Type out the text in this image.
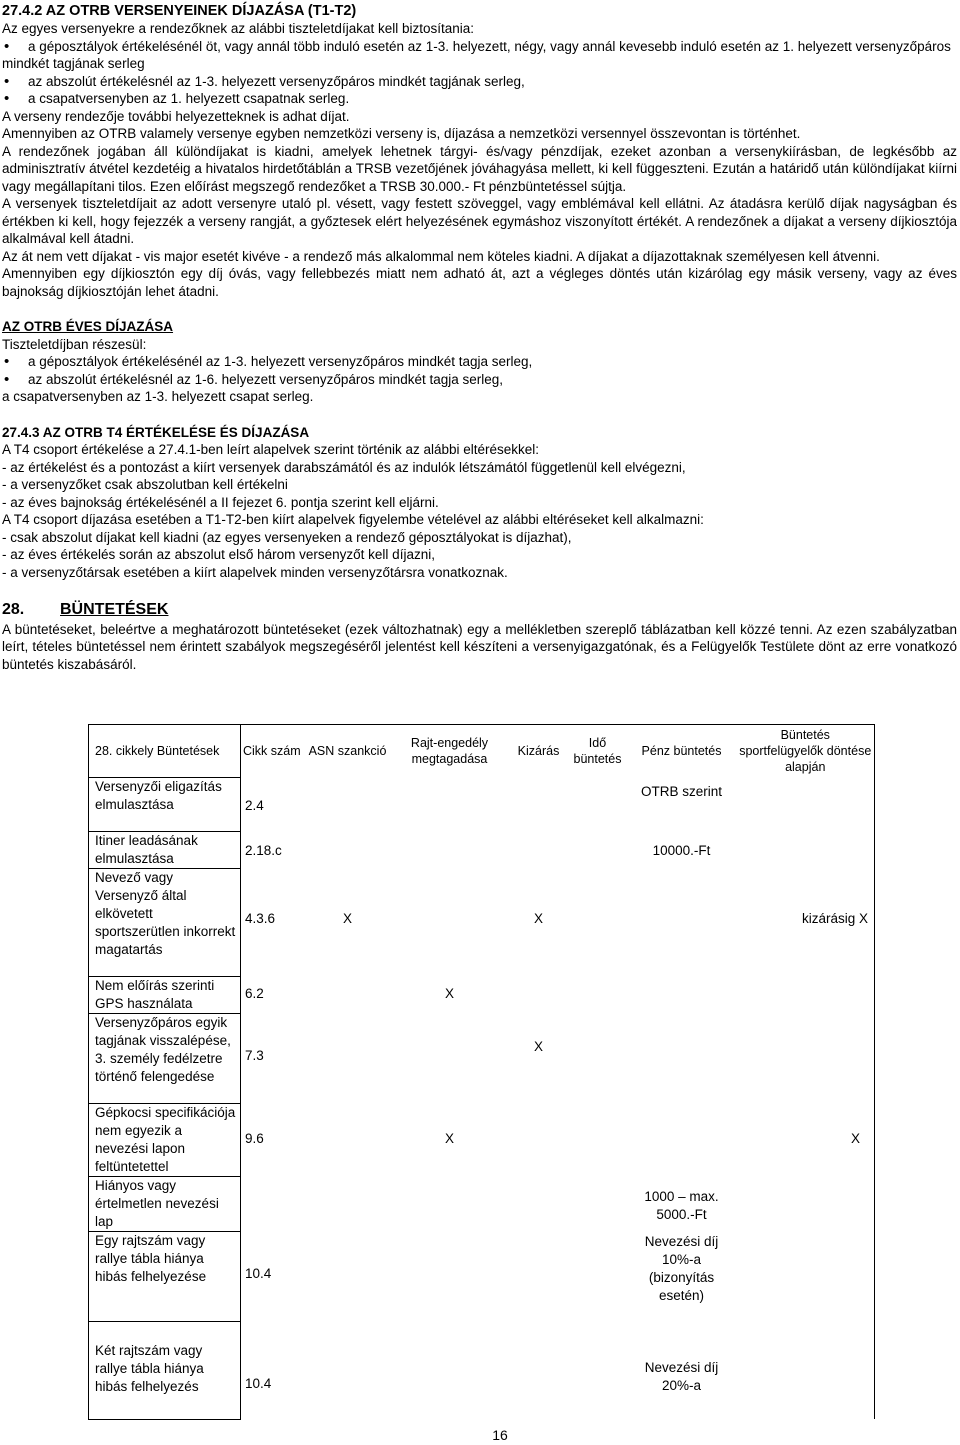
27.4.2 AZ OTRB VERSENYEINEK DÍJAZÁSA (T1-T2)

Az egyes versenyekre a rendezőknek az alábbi tiszteletdíjakat kell biztosítania:

• a géposztályok értékelésénél öt, vagy annál több induló esetén az 1-3. helyezett, négy, vagy annál kevesebb induló esetén az 1. helyezett versenyzőpáros mindkét tagjának serleg

• az abszolút értékelésnél az 1-3. helyezett versenyzőpáros mindkét tagjának serleg,

• a csapatversenyben az 1. helyezett csapatnak serleg.

A verseny rendezője további helyezetteknek is adhat díjat.

Amennyiben az OTRB valamely versenye egyben nemzetközi verseny is, díjazása a nemzetközi versennyel összevontan is történhet.

A rendezőnek jogában áll különdíjakat is kiadni, amelyek lehetnek tárgyi- és/vagy pénzdíjak, ezeket azonban a versenykiírásban, de legkésőbb az adminisztratív átvétel kezdetéig a hivatalos hirdetőtáblán a TRSB vezetőjének jóváhagyása mellett, ki kell függeszteni. Ezután a határidő után különdíjakat kiírni vagy megállapítani tilos. Ezen előírást megszegő rendezőket a TRSB 30.000.- Ft pénzbüntetéssel sújtja.

A versenyek tiszteletdíjait az adott versenyre utaló pl. vésett, vagy festett szöveggel, vagy emblémával kell ellátni. Az átadásra kerülő díjak nagyságban és értékben ki kell, hogy fejezzék a verseny rangját, a győztesek elért helyezésének egymáshoz viszonyított értékét. A rendezőnek a díjakat a verseny díjkiosztója alkalmával kell átadni.

Az át nem vett díjakat - vis major esetét kivéve - a rendező más alkalommal nem köteles kiadni. A díjakat a díjazottaknak személyesen kell átvenni.

Amennyiben egy díjkiosztón egy díj óvás, vagy fellebbezés miatt nem adható át, azt a végleges döntés után kizárólag egy másik verseny, vagy az éves bajnokság díjkiosztóján lehet átadni.

AZ OTRB ÉVES DÍJAZÁSA

Tiszteletdíjban részesül:

• a géposztályok értékelésénél az 1-3. helyezett versenyzőpáros mindkét tagja serleg,

• az abszolút értékelésnél az 1-6. helyezett versenyzőpáros mindkét tagja serleg,

a csapatversenyben az 1-3. helyezett csapat serleg.

27.4.3 AZ OTRB T4 ÉRTÉKELÉSE ÉS DÍJAZÁSA

A T4 csoport értékelése a 27.4.1-ben leírt alapelvek szerint történik az alábbi eltérésekkel:

- az értékelést és a pontozást a kiírt versenyek darabszámától és az indulók létszámától függetlenül kell elvégezni,

- a versenyzőket csak abszolutban kell értékelni

- az éves bajnokság értékelésénél a II fejezet 6. pontja szerint kell eljárni.

A T4 csoport díjazása esetében a T1-T2-ben kiírt alapelvek figyelembe vételével az alábbi eltéréseket kell alkalmazni:

- csak abszolut díjakat kell kiadni (az egyes versenyeken a rendező géposztályokat is díjazhat),

- az éves értékelés során az abszolut első három versenyzőt kell díjazni,

- a versenyzőtársak esetében a kiírt alapelvek minden versenyzőtársra vonatkoznak.

28. BÜNTETÉSEK

A büntetéseket, beleértve a meghatározott büntetéseket (ezek változhatnak) egy a mellékletben szereplő táblázatban kell közzé tenni. Az ezen szabályzatban leírt, tételes büntetéssel nem érintett szabályok megszegéséről jelentést kell készíteni a versenyigazgatónak, és a Felügyelők Testülete dönt az erre vonatkozó büntetés kiszabásáról.

28. cikkely Büntetések	Cikk szám	ASN szankció	Rajt-engedély megtagadása	Kizárás	Idő büntetés	Pénz büntetés	Büntetés sportfelügyelők döntése alapján
Versenyzői eligazítás elmulasztása	2.4					OTRB szerint	
Itiner leadásának elmulasztása	2.18.c					10000.-Ft	
Nevező vagy Versenyző által elkövetett sportszerütlen inkorrekt magatartás	4.3.6	X		X			kizárásig X
Nem előírás szerinti GPS használata	6.2		X				
Versenyzőpáros egyik tagjának visszalépése, 3. személy fedélzetre történő felengedése	7.3			X			
Gépkocsi specifikációja nem egyezik a nevezési lapon feltüntetettel	9.6		X				X
Hiányos vagy értelmetlen nevezési lap						1000 – max. 5000.-Ft	
Egy rajtszám vagy rallye tábla hiánya hibás felhelyezése	10.4					Nevezési díj 10%-a (bizonyítás esetén)	
Két rajtszám vagy rallye tábla hiánya hibás felhelyezés	10.4					Nevezési díj 20%-a	
16
